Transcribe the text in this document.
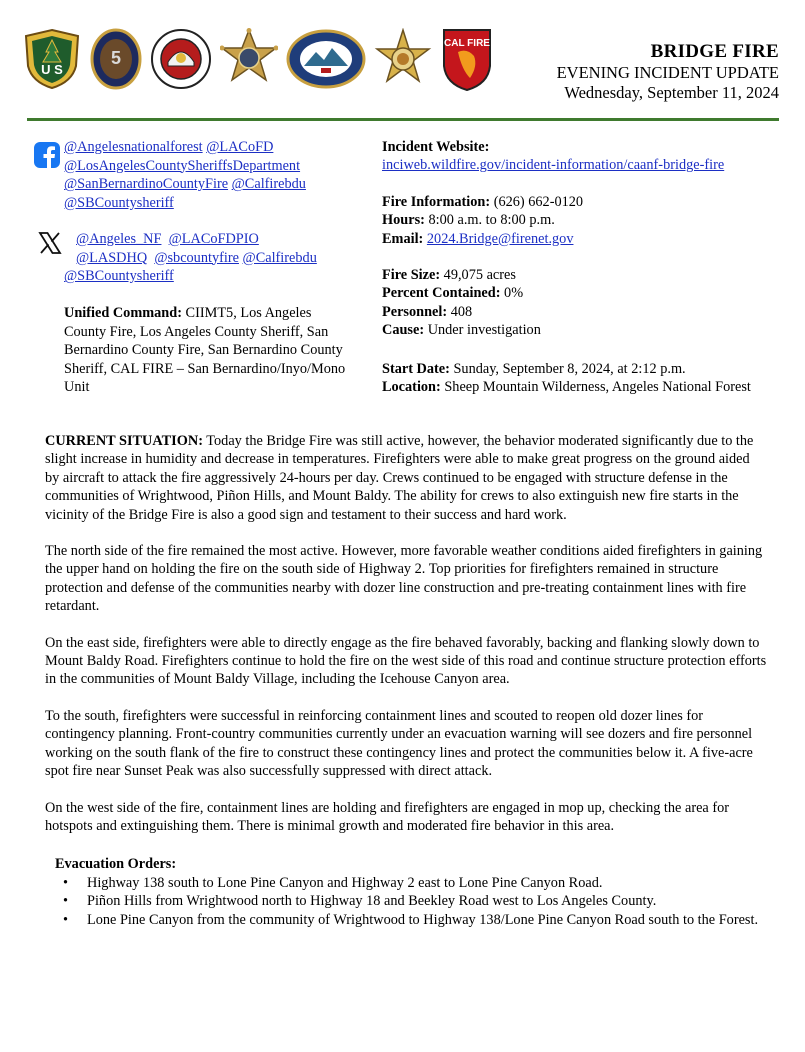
U S
5
CAL FIRE	BRIDGE FIRE
EVENING INCIDENT UPDATE
Wednesday, September 11, 2024
@Angelesnationalforest @LACoFD
@LosAngelesCountySheriffsDepartment
@SanBernardinoCountyFire @Calfirebdu
@SBCountysheriff
@Angeles_NF @LACoFDPIO
@LASDHQ @sbcountyfire @Calfirebdu
@SBCountysheriff
Unified Command: CIIMT5, Los Angeles County Fire, Los Angeles County Sheriff, San Bernardino County Fire, San Bernardino County Sheriff, CAL FIRE – San Bernardino/Inyo/Mono Unit
Incident Website:
inciweb.wildfire.gov/incident-information/caanf-bridge-fire
Fire Information: (626) 662-0120
Hours: 8:00 a.m. to 8:00 p.m.
Email: 2024.Bridge@firenet.gov
Fire Size: 49,075 acres
Percent Contained: 0%
Personnel: 408
Cause: Under investigation
Start Date: Sunday, September 8, 2024, at 2:12 p.m.
Location: Sheep Mountain Wilderness, Angeles National Forest

CURRENT SITUATION: Today the Bridge Fire was still active, however, the behavior moderated significantly due to the slight increase in humidity and decrease in temperatures. Firefighters were able to make great progress on the ground aided by aircraft to attack the fire aggressively 24-hours per day. Crews continued to be engaged with structure defense in the communities of Wrightwood, Piñon Hills, and Mount Baldy. The ability for crews to also extinguish new fire starts in the vicinity of the Bridge Fire is also a good sign and testament to their success and hard work.

The north side of the fire remained the most active. However, more favorable weather conditions aided firefighters in gaining the upper hand on holding the fire on the south side of Highway 2. Top priorities for firefighters remained in structure protection and defense of the communities nearby with dozer line construction and pre-treating containment lines with fire retardant.

On the east side, firefighters were able to directly engage as the fire behaved favorably, backing and flanking slowly down to Mount Baldy Road. Firefighters continue to hold the fire on the west side of this road and continue structure protection efforts in the communities of Mount Baldy Village, including the Icehouse Canyon area.

To the south, firefighters were successful in reinforcing containment lines and scouted to reopen old dozer lines for contingency planning. Front-country communities currently under an evacuation warning will see dozers and fire personnel working on the south flank of the fire to construct these contingency lines and protect the communities below it. A five-acre spot fire near Sunset Peak was also successfully suppressed with direct attack.

On the west side of the fire, containment lines are holding and firefighters are engaged in mop up, checking the area for hotspots and extinguishing them. There is minimal growth and moderated fire behavior in this area.

Evacuation Orders:
• Highway 138 south to Lone Pine Canyon and Highway 2 east to Lone Pine Canyon Road.
• Piñon Hills from Wrightwood north to Highway 18 and Beekley Road west to Los Angeles County.
• Lone Pine Canyon from the community of Wrightwood to Highway 138/Lone Pine Canyon Road south to the Forest.
